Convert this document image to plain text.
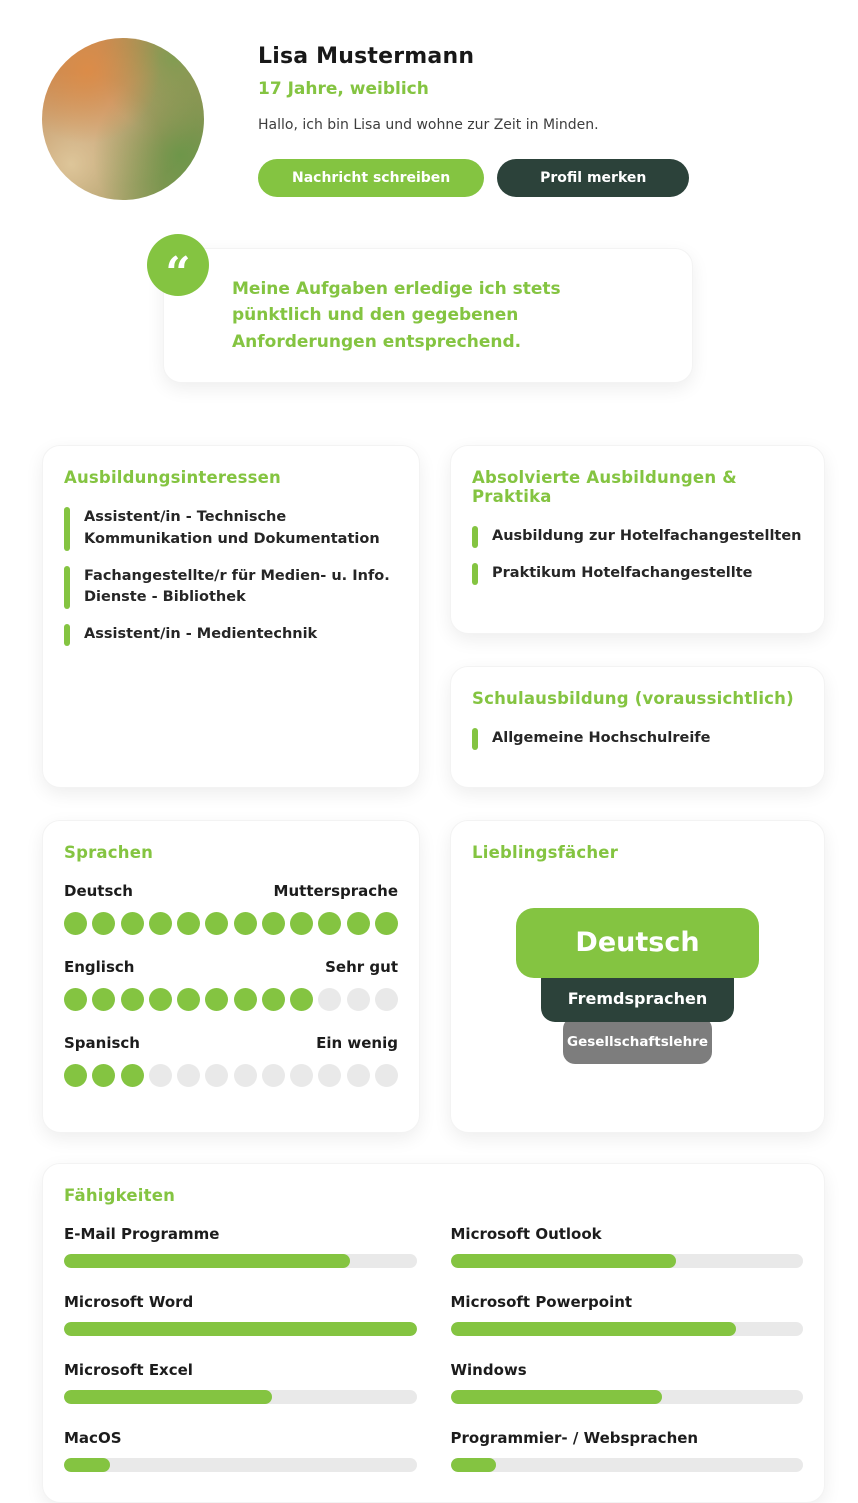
Lisa Mustermann
17 Jahre, weiblich
Hallo, ich bin Lisa und wohne zur Zeit in Minden.
Nachricht schreiben	Profil merken
“	Meine Aufgaben erledige ich stets pünktlich und den gegebenen Anforderungen entsprechend.
Ausbildungsinteressen
Assistent/in - Technische Kommunikation und Dokumentation
Fachangestellte/r für Medien- u. Info. Dienste - Bibliothek
Assistent/in - Medientechnik
Absolvierte Ausbildungen & Praktika
Ausbildung zur Hotelfachangestellten
Praktikum Hotelfachangestellte
Schulausbildung (voraussichtlich)
Allgemeine Hochschulreife
Sprachen
Deutsch	Muttersprache
Englisch	Sehr gut
Spanisch	Ein wenig
Lieblingsfächer
Deutsch
Fremdsprachen
Gesellschaftslehre
Fähigkeiten
E-Mail Programme	Microsoft Outlook
Microsoft Word	Microsoft Powerpoint
Microsoft Excel	Windows
MacOS	Programmier- / Websprachen
